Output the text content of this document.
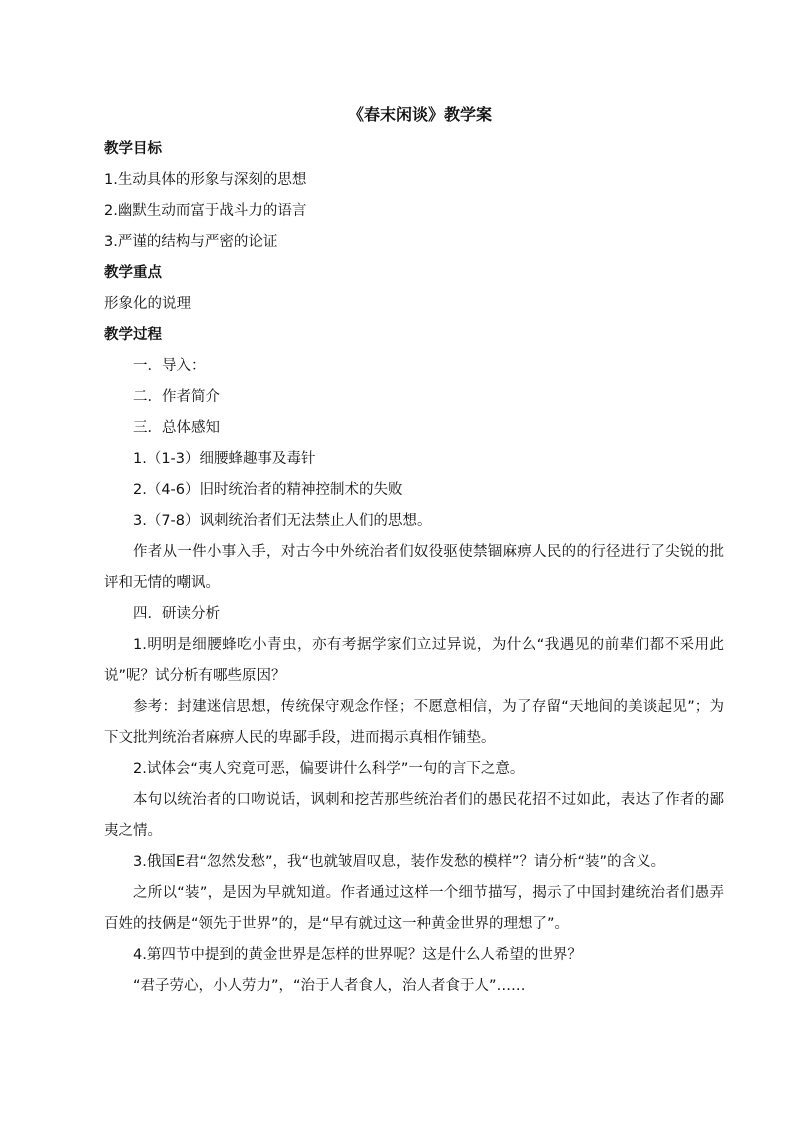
《春末闲谈》教学案
教学目标
1.生动具体的形象与深刻的思想
2.幽默生动而富于战斗力的语言
3.严谨的结构与严密的论证
教学重点
形象化的说理
教学过程
一．导入：
二．作者简介
三．总体感知
1.（1-3）细腰蜂趣事及毒针
2.（4-6）旧时统治者的精神控制术的失败
3.（7-8）讽刺统治者们无法禁止人们的思想。
作者从一件小事入手，对古今中外统治者们奴役驱使禁锢麻痹人民的的行径进行了尖锐的批评和无情的嘲讽。
四．研读分析
1.明明是细腰蜂吃小青虫，亦有考据学家们立过异说，为什么“我遇见的前辈们都不采用此说”呢？试分析有哪些原因？
参考：封建迷信思想，传统保守观念作怪；不愿意相信，为了存留“天地间的美谈起见”；为下文批判统治者麻痹人民的卑鄙手段，进而揭示真相作铺垫。
2.试体会“夷人究竟可恶，偏要讲什么科学”一句的言下之意。
本句以统治者的口吻说话，讽刺和挖苦那些统治者们的愚民花招不过如此，表达了作者的鄙夷之情。
3.俄国E君“忽然发愁”，我“也就皱眉叹息，装作发愁的模样”？请分析“装”的含义。
之所以“装”，是因为早就知道。作者通过这样一个细节描写，揭示了中国封建统治者们愚弄百姓的技俩是“领先于世界”的，是“早有就过这一种黄金世界的理想了”。
4.第四节中提到的黄金世界是怎样的世界呢？这是什么人希望的世界？
“君子劳心，小人劳力”，“治于人者食人，治人者食于人”……
